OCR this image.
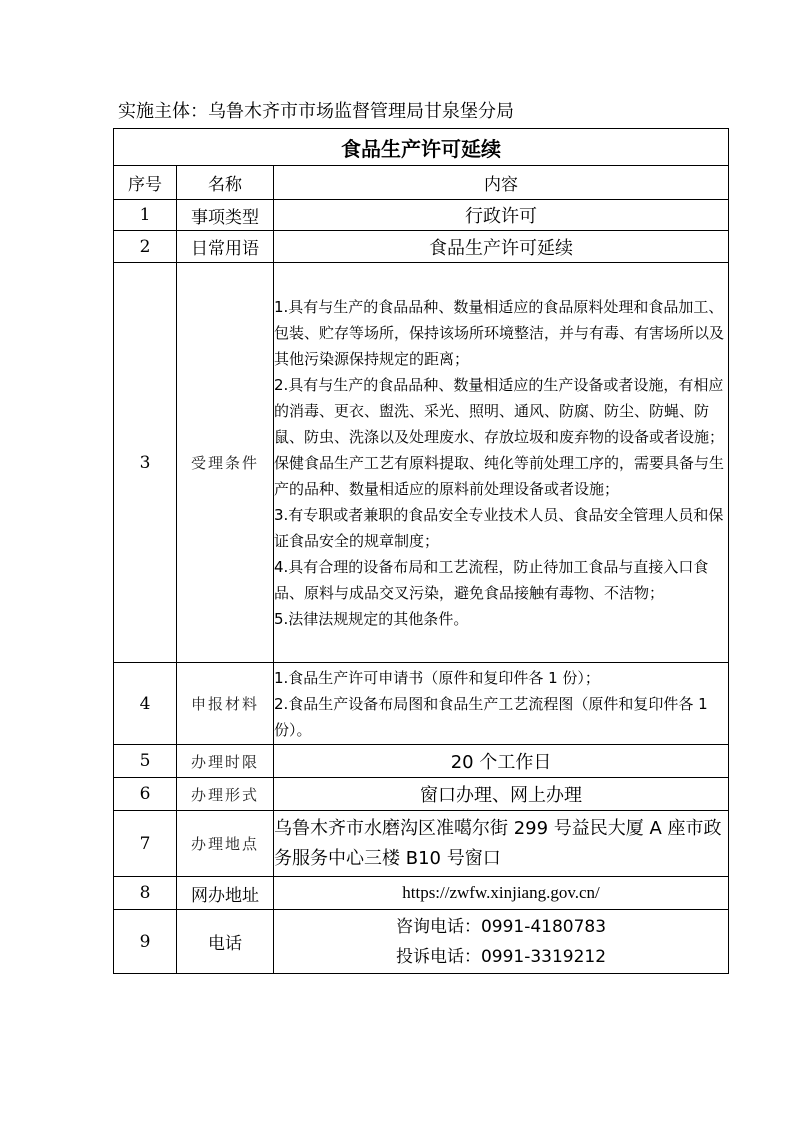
实施主体：乌鲁木齐市市场监督管理局甘泉堡分局
食品生产许可延续		
序号	名称	内容
1	事项类型	行政许可
2	日常用语	食品生产许可延续
3	受理条件	1.具有与生产的食品品种、数量相适应的食品原料处理和食品加工、包装、贮存等场所，保持该场所环境整洁，并与有毒、有害场所以及其他污染源保持规定的距离；
2.具有与生产的食品品种、数量相适应的生产设备或者设施，有相应的消毒、更衣、盥洗、采光、照明、通风、防腐、防尘、防蝇、防鼠、防虫、洗涤以及处理废水、存放垃圾和废弃物的设备或者设施；保健食品生产工艺有原料提取、纯化等前处理工序的，需要具备与生产的品种、数量相适应的原料前处理设备或者设施；
3.有专职或者兼职的食品安全专业技术人员、食品安全管理人员和保证食品安全的规章制度；
4.具有合理的设备布局和工艺流程，防止待加工食品与直接入口食品、原料与成品交叉污染，避免食品接触有毒物、不洁物；
5.法律法规规定的其他条件。

4	申报材料	1.食品生产许可申请书（原件和复印件各 1 份）；
2.食品生产设备布局图和食品生产工艺流程图（原件和复印件各 1 份）。

5	办理时限	20 个工作日
6	办理形式	窗口办理、网上办理
7	办理地点	乌鲁木齐市水磨沟区准噶尔街 299 号益民大厦 A 座市政务服务中心三楼 B10 号窗口
8	网办地址	https://zwfw.xinjiang.gov.cn/
9	电话	咨询电话：0991-4180783
投诉电话：0991-3319212
